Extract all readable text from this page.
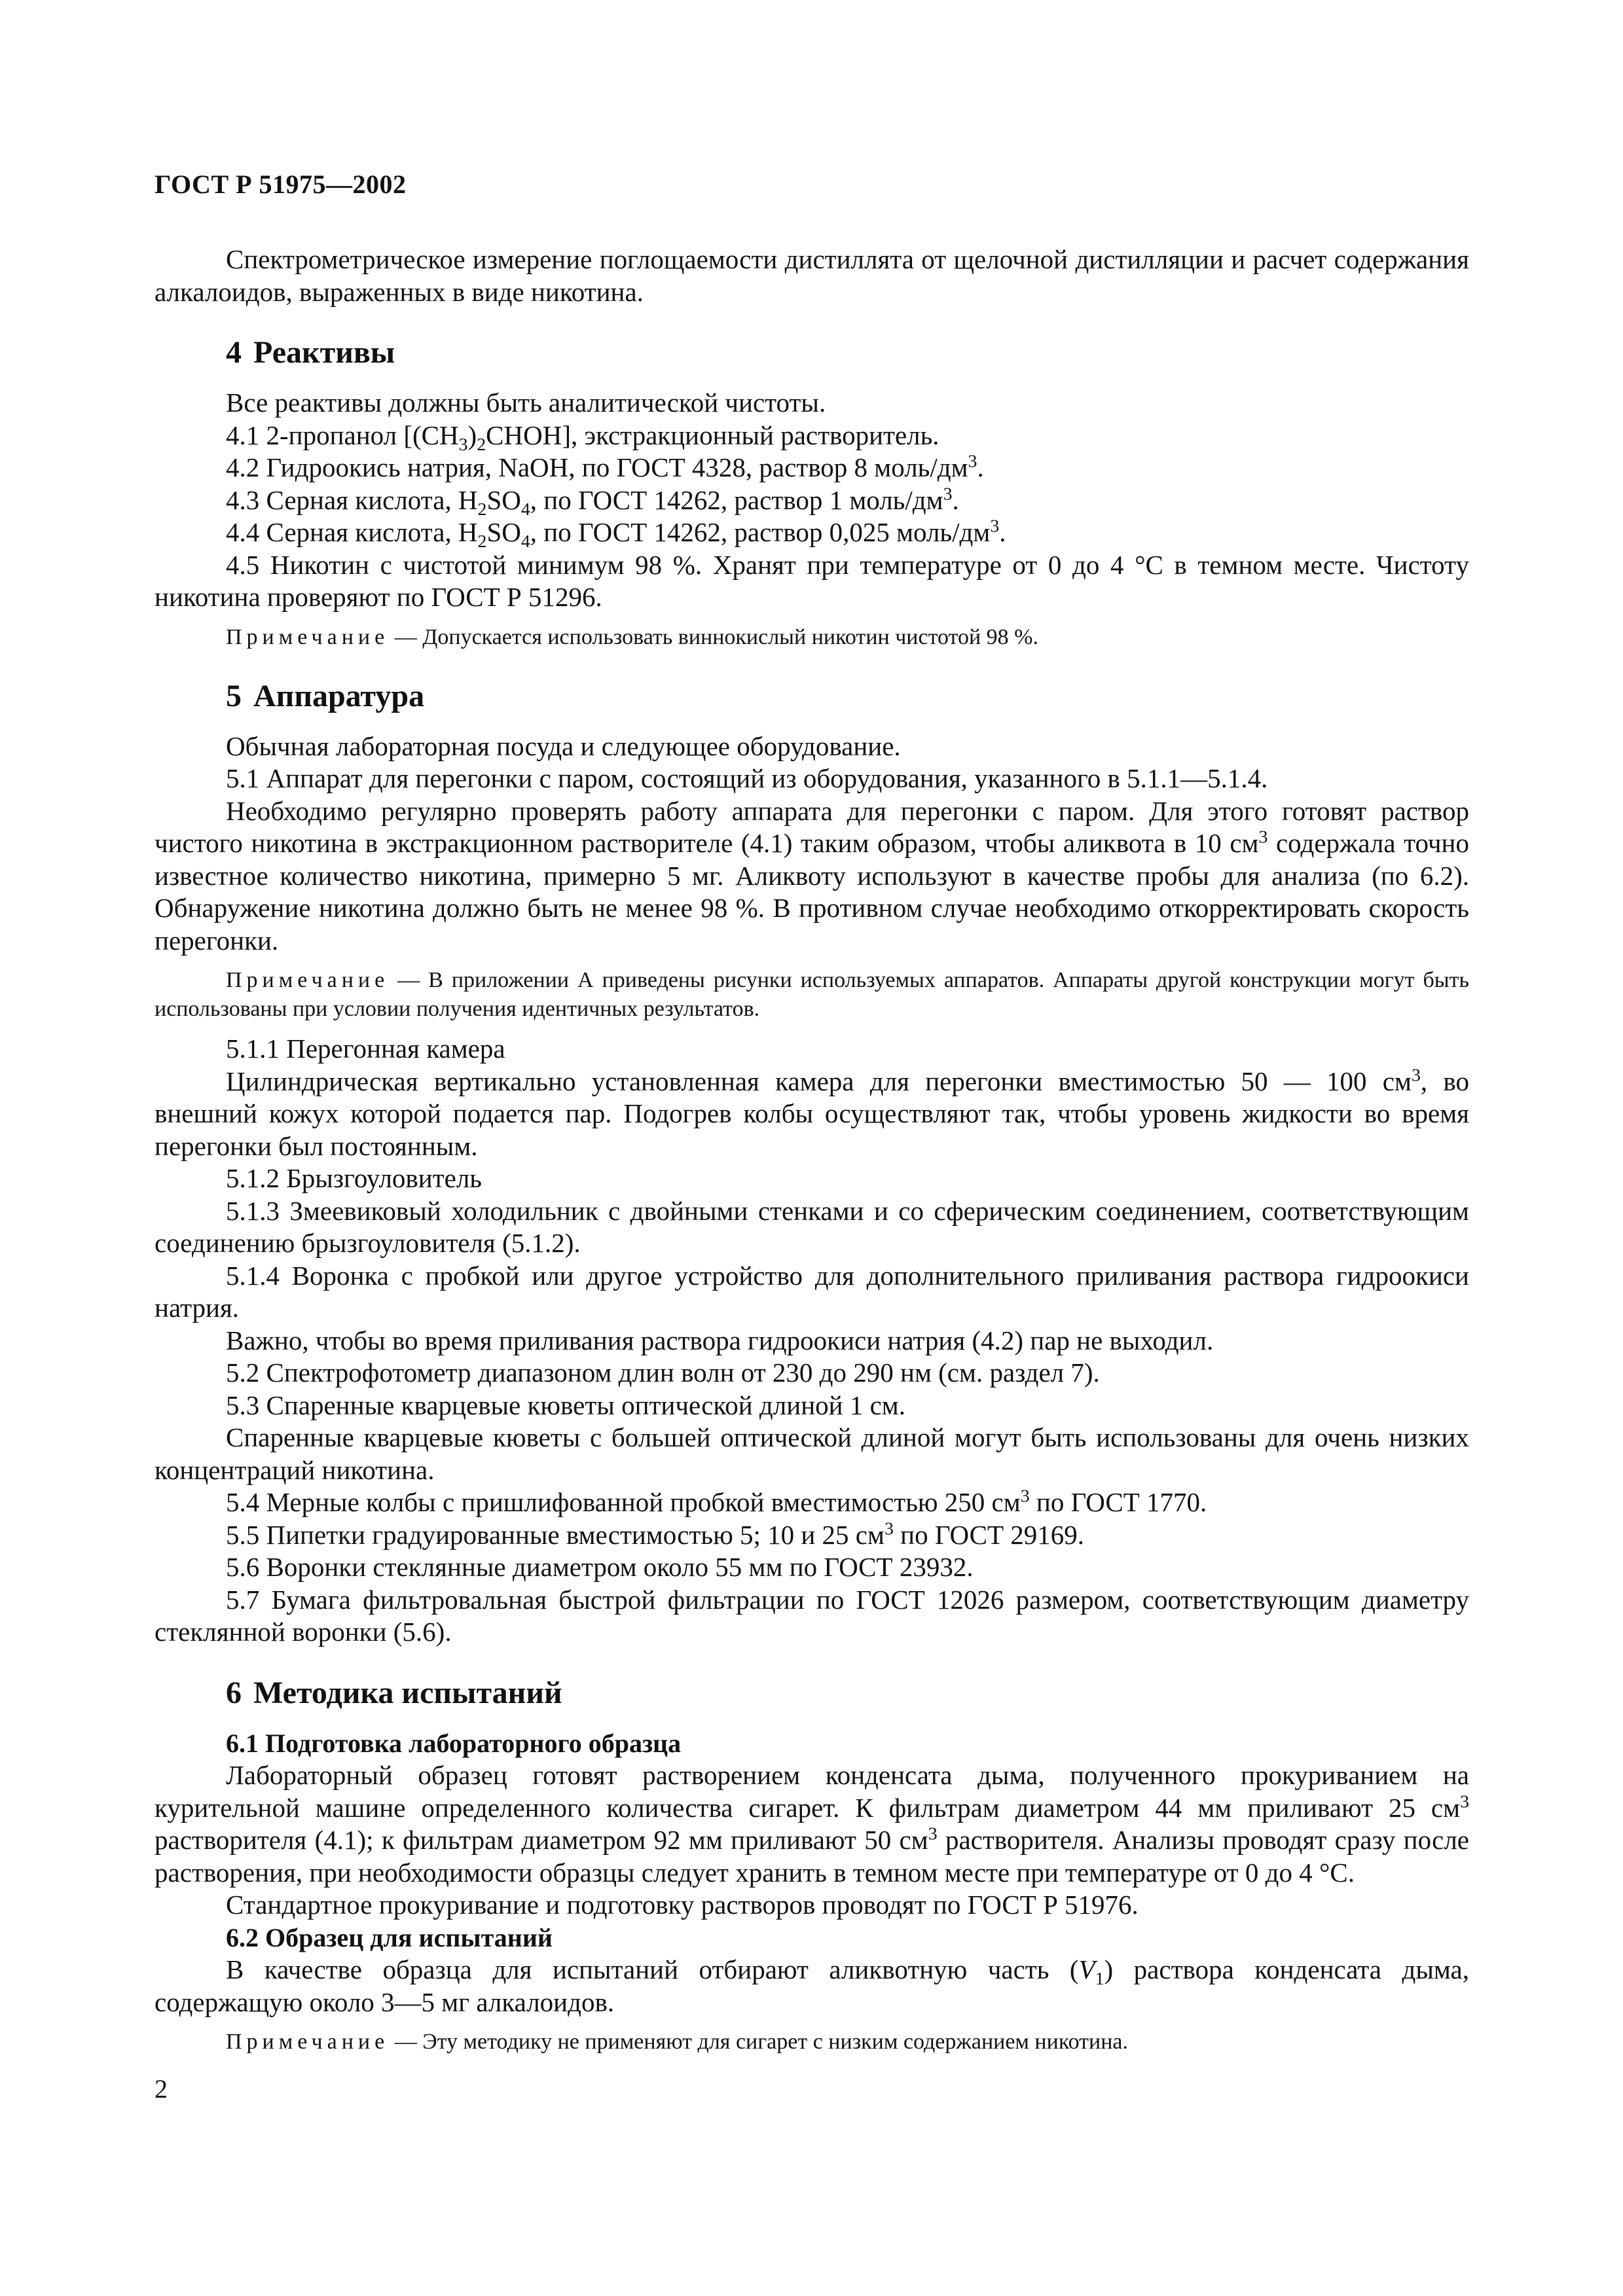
ГОСТ Р 51975—2002

Спектрометрическое измерение поглощаемости дистиллята от щелочной дистилляции и расчет содержания алкалоидов, выраженных в виде никотина.

4 Реактивы

Все реактивы должны быть аналитической чистоты.

4.1 2-пропанол $[(CH_3)_2CHOH]$, экстракционный растворитель.

4.2 Гидроокись натрия, NaOH, по ГОСТ 4328, раствор 8 моль/$дм^3$.

4.3 Серная кислота, $H_2SO_4$, по ГОСТ 14262, раствор 1 моль/$дм^3$.

4.4 Серная кислота, $H_2SO_4$, по ГОСТ 14262, раствор 0,025 моль/$дм^3$.

4.5 Никотин с чистотой минимум 98 %. Хранят при температуре от 0 до 4 °C в темном месте. Чистоту никотина проверяют по ГОСТ Р 51296.

Примечание — Допускается использовать виннокислый никотин чистотой 98 %.
5 Аппаратура

Обычная лабораторная посуда и следующее оборудование.

5.1 Аппарат для перегонки с паром, состоящий из оборудования, указанного в 5.1.1—5.1.4.

Необходимо регулярно проверять работу аппарата для перегонки с паром. Для этого готовят раствор чистого никотина в экстракционном растворителе (4.1) таким образом, чтобы аликвота в 10 $см^3$ содержала точно известное количество никотина, примерно 5 мг. Аликвоту используют в качестве пробы для анализа (по 6.2). Обнаружение никотина должно быть не менее 98 %. В противном случае необходимо откорректировать скорость перегонки.

Примечание — В приложении А приведены рисунки используемых аппаратов. Аппараты другой конструкции могут быть использованы при условии получения идентичных результатов.

5.1.1 Перегонная камера

Цилиндрическая вертикально установленная камера для перегонки вместимостью 50 — 100 $см^3$, во внешний кожух которой подается пар. Подогрев колбы осуществляют так, чтобы уровень жидкости во время перегонки был постоянным.

5.1.2 Брызгоуловитель

5.1.3 Змеевиковый холодильник с двойными стенками и со сферическим соединением, соответствующим соединению брызгоуловителя (5.1.2).

5.1.4 Воронка с пробкой или другое устройство для дополнительного приливания раствора гидроокиси натрия.

Важно, чтобы во время приливания раствора гидроокиси натрия (4.2) пар не выходил.

5.2 Спектрофотометр диапазоном длин волн от 230 до 290 нм (см. раздел 7).

5.3 Спаренные кварцевые кюветы оптической длиной 1 см.

Спаренные кварцевые кюветы с большей оптической длиной могут быть использованы для очень низких концентраций никотина.

5.4 Мерные колбы с пришлифованной пробкой вместимостью 250 $см^3$ по ГОСТ 1770.

5.5 Пипетки градуированные вместимостью 5; 10 и 25 $см^3$ по ГОСТ 29169.

5.6 Воронки стеклянные диаметром около 55 мм по ГОСТ 23932.

5.7 Бумага фильтровальная быстрой фильтрации по ГОСТ 12026 размером, соответствующим диаметру стеклянной воронки (5.6).

6 Методика испытаний

6.1 Подготовка лабораторного образца

Лабораторный образец готовят растворением конденсата дыма, полученного прокуриванием на курительной машине определенного количества сигарет. К фильтрам диаметром 44 мм приливают 25 $см^3$ растворителя (4.1); к фильтрам диаметром 92 мм приливают 50 $см^3$ растворителя. Анализы проводят сразу после растворения, при необходимости образцы следует хранить в темном месте при температуре от 0 до 4 °C.

Стандартное прокуривание и подготовку растворов проводят по ГОСТ Р 51976.

6.2 Образец для испытаний

В качестве образца для испытаний отбирают аликвотную часть $(V_1)$ раствора конденсата дыма, содержащую около 3—5 мг алкалоидов.

Примечание — Эту методику не применяют для сигарет с низким содержанием никотина.
2
